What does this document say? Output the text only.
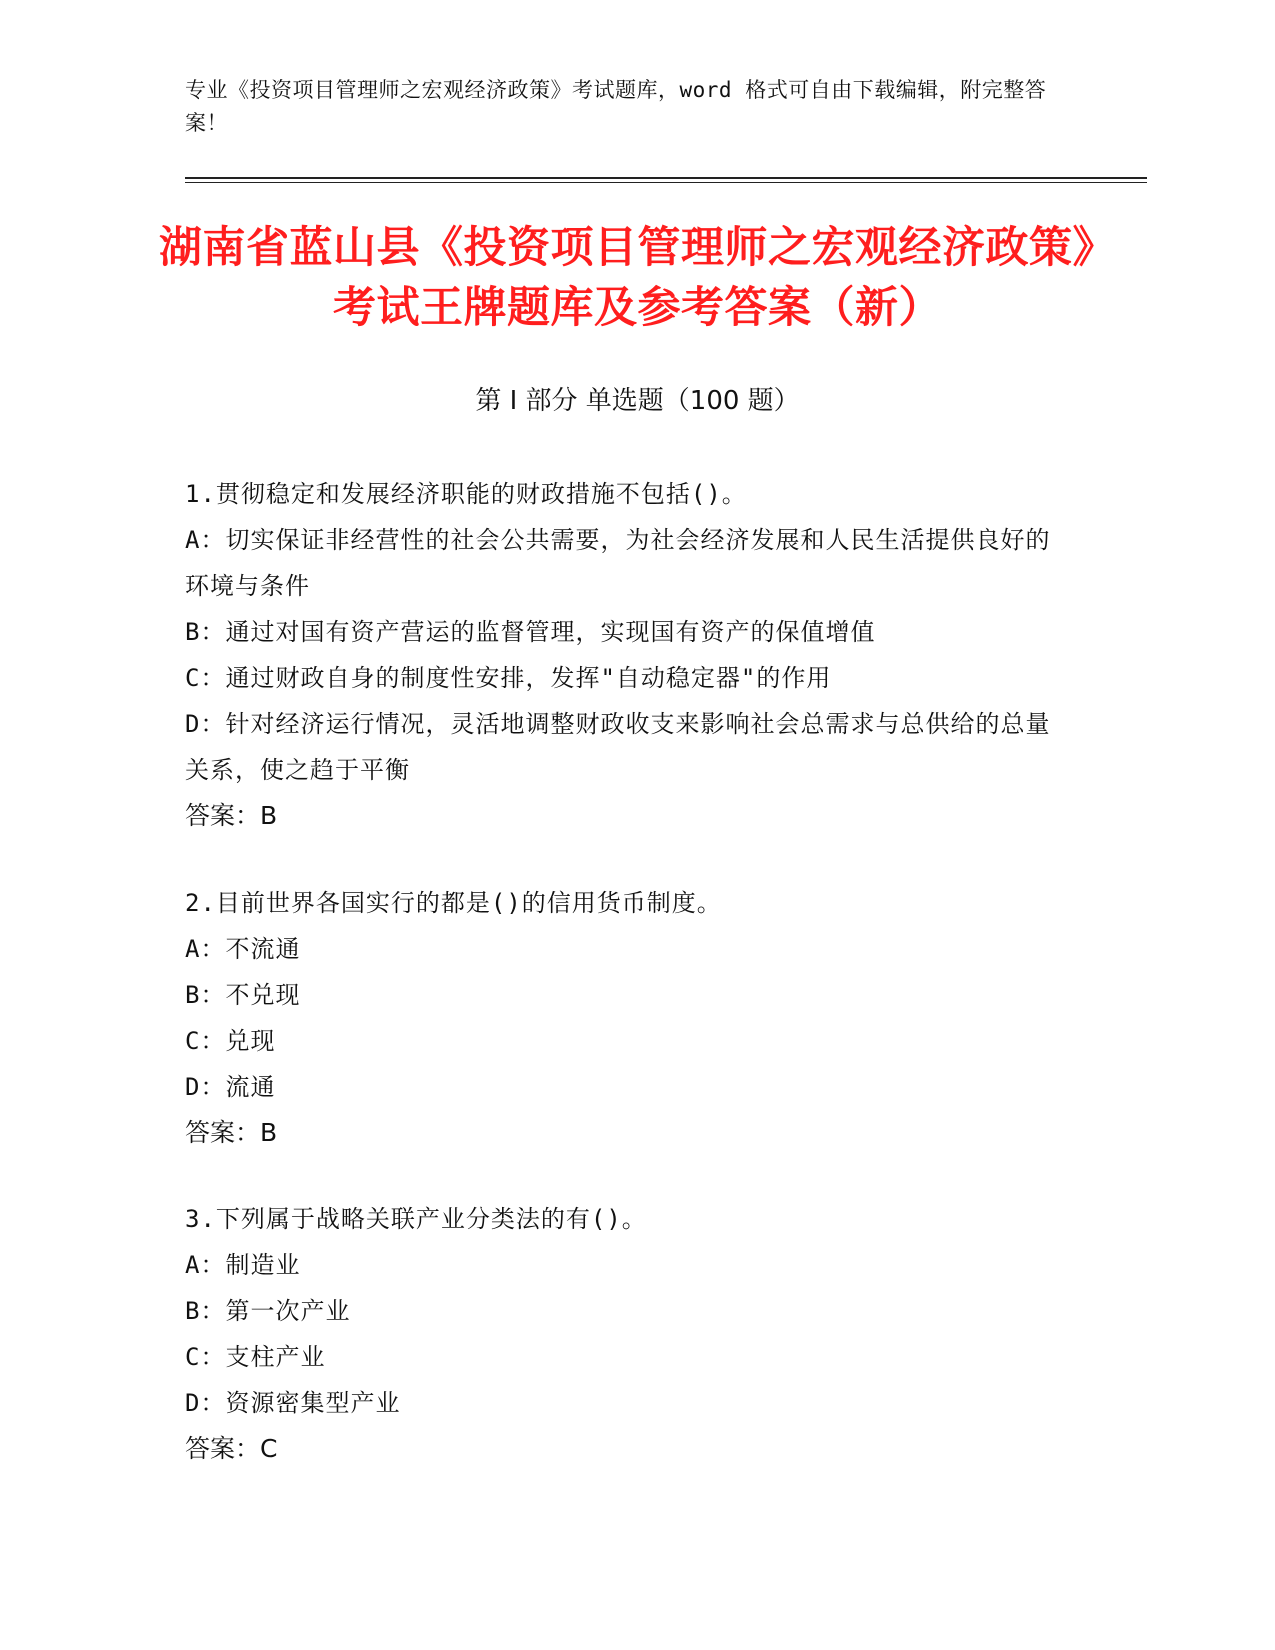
专业《投资项目管理师之宏观经济政策》考试题库，word 格式可自由下载编辑，附完整答案！
湖南省蓝山县《投资项目管理师之宏观经济政策》考试王牌题库及参考答案（新）
第 I 部分 单选题（100 题）
1.贯彻稳定和发展经济职能的财政措施不包括()。
A：切实保证非经营性的社会公共需要，为社会经济发展和人民生活提供良好的环境与条件
B：通过对国有资产营运的监督管理，实现国有资产的保值增值
C：通过财政自身的制度性安排，发挥"自动稳定器"的作用
D：针对经济运行情况，灵活地调整财政收支来影响社会总需求与总供给的总量关系，使之趋于平衡
答案：B
2.目前世界各国实行的都是()的信用货币制度。
A：不流通
B：不兑现
C：兑现
D：流通
答案：B
3.下列属于战略关联产业分类法的有()。
A：制造业
B：第一次产业
C：支柱产业
D：资源密集型产业
答案：C
